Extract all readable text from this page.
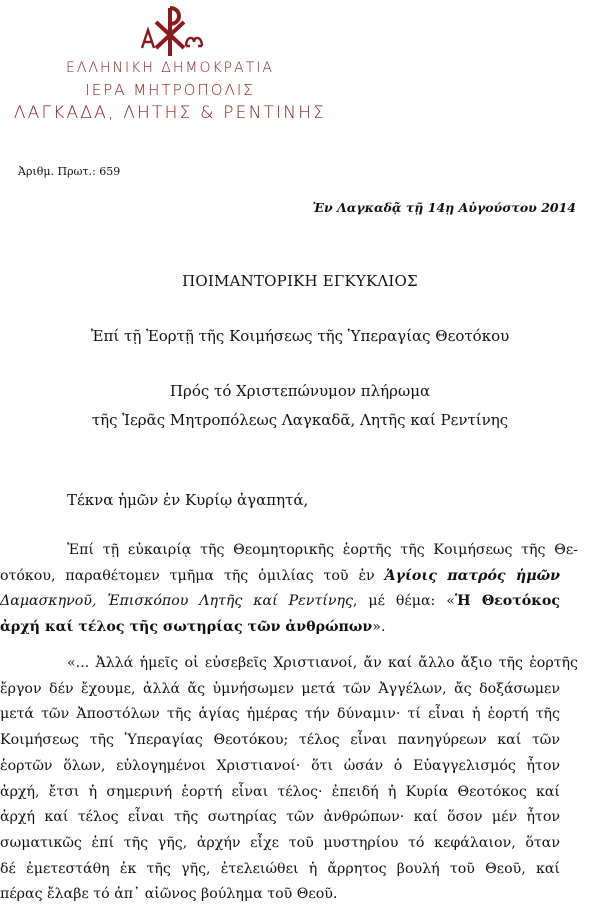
ΕΛΛΗΝΙΚΗ ΔΗΜΟΚΡΑΤΙΑ
ΙΕΡΑ ΜΗΤΡΟΠΟΛΙΣ
ΛΑΓΚΑΔΑ, ΛΗΤΗΣ & ΡΕΝΤΙΝΗΣ
Ἀριθμ. Πρωτ.: 659
Ἐν Λαγκαδᾷ τῇ 14ῃ Αὐγούστου 2014
ΠΟΙΜΑΝΤΟΡΙΚΗ ΕΓΚΥΚΛΙΟΣ
Ἐπί τῇ Ἑορτῇ τῆς Κοιμήσεως τῆς Ὑπεραγίας Θεοτόκου
Πρός τό Χριστεπώνυμον πλήρωμα
τῆς Ἱερᾶς Μητροπόλεως Λαγκαδᾶ, Λητῆς καί Ρεντίνης
Τέκνα ἡμῶν ἐν Κυρίῳ ἀγαπητά,

Ἐπί τῇ εὐκαιρίᾳ τῆς Θεομητορικῆς ἑορτῆς τῆς Κοιμήσεως τῆς Θε-

οτόκου, παραθέτομεν τμῆμα τῆς ὁμιλίας τοῦ ἐν Ἁγίοις πατρός ἡμῶν

Δαμασκηνοῦ, Ἐπισκόπου Λητῆς καί Ρεντίνης, μέ θέμα: «Ἡ Θεοτόκος

ἀρχή καί τέλος τῆς σωτηρίας τῶν ἀνθρώπων».

«... Ἀλλά ἡμεῖς οἱ εὐσεβεῖς Χριστιανοί, ἄν καί ἄλλο ἄξιο τῆς ἑορτῆς

ἔργον δέν ἔχουμε, ἀλλά ἄς ὑμνήσωμεν μετά τῶν Ἀγγέλων, ἄς δοξάσωμεν

μετά τῶν Ἀποστόλων τῆς ἁγίας ἡμέρας τήν δύναμιν· τί εἶναι ἡ ἑορτή τῆς

Κοιμήσεως τῆς Ὑπεραγίας Θεοτόκου; τέλος εἶναι πανηγύρεων καί τῶν

ἑορτῶν ὅλων, εὐλογημένοι Χριστιανοί· ὅτι ὡσάν ὁ Εὐαγγελισμός ἦτον

ἀρχή, ἔτσι ἡ σημερινή ἑορτή εἶναι τέλος· ἐπειδή ἡ Κυρία Θεοτόκος καί

ἀρχή καί τέλος εἶναι τῆς σωτηρίας τῶν ἀνθρώπων· καί ὅσον μέν ἦτον

σωματικῶς ἐπί τῆς γῆς, ἀρχήν εἶχε τοῦ μυστηρίου τό κεφάλαιον, ὅταν

δέ ἐμετεστάθη ἐκ τῆς γῆς, ἐτελειώθει ἡ ἄρρητος βουλή τοῦ Θεοῦ, καί

πέρας ἔλαβε τό ἀπ᾽ αἰῶνος βούλημα τοῦ Θεοῦ.
